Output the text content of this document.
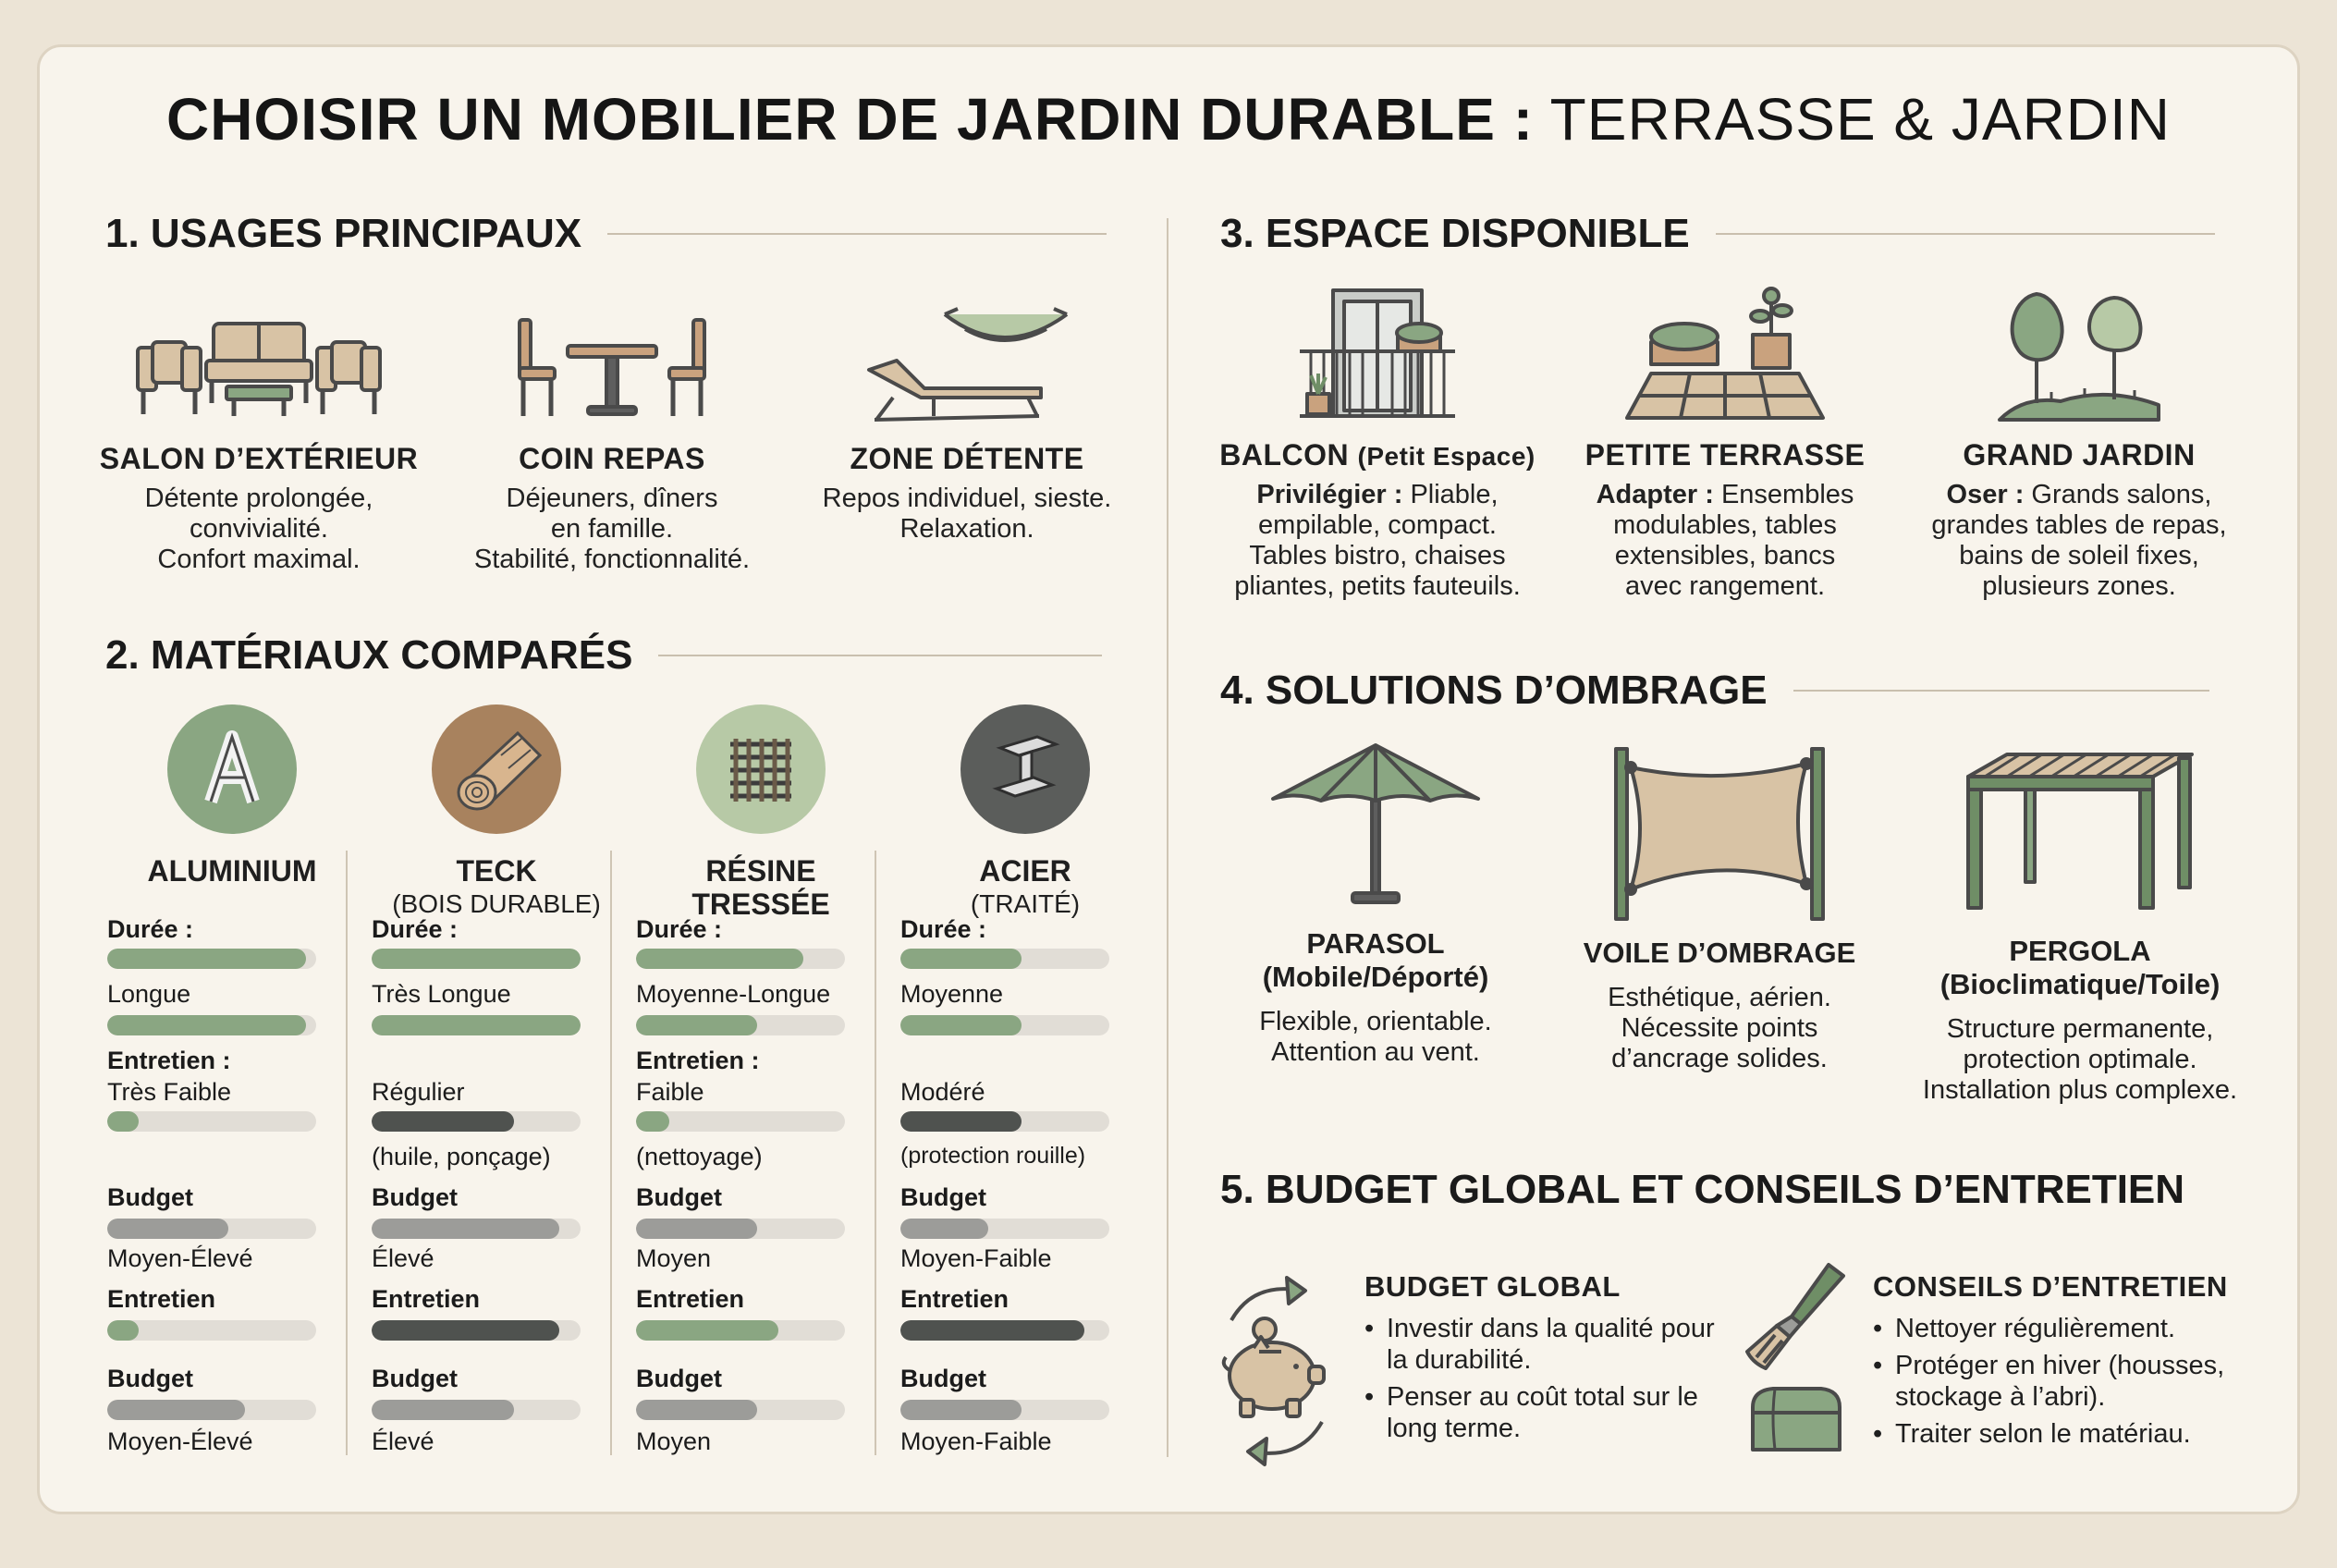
CHOISIR UN MOBILIER DE JARDIN DURABLE : TERRASSE & JARDIN
1. USAGES PRINCIPAUX
SALON D’EXTÉRIEUR
Détente prolongée,
convivialité.
Confort maximal.
COIN REPAS
Déjeuners, dîners
en famille.
Stabilité, fonctionnalité.
ZONE DÉTENTE
Repos individuel, sieste.
Relaxation.
2. MATÉRIAUX COMPARÉS
ALUMINIUM
Durée :
Longue
Entretien :
Très Faible
Budget
Moyen-Élevé
Entretien
Budget
Moyen-Élevé
TECK
(BOIS DURABLE)
Durée :
Très Longue
Régulier
(huile, ponçage)
Budget
Élevé
Entretien
Budget
Élevé
RÉSINE
TRESSÉE
Durée :
Moyenne-Longue
Entretien :
Faible
(nettoyage)
Budget
Moyen
Entretien
Budget
Moyen
ACIER
(TRAITÉ)
Durée :
Moyenne
Modéré
(protection rouille)
Budget
Moyen-Faible
Entretien
Budget
Moyen-Faible
3. ESPACE DISPONIBLE
BALCON (Petit Espace)
Privilégier : Pliable,
empilable, compact.
Tables bistro, chaises
pliantes, petits fauteuils.
PETITE TERRASSE
Adapter : Ensembles
modulables, tables
extensibles, bancs
avec rangement.
GRAND JARDIN
Oser : Grands salons,
grandes tables de repas,
bains de soleil fixes,
plusieurs zones.
4. SOLUTIONS D’OMBRAGE
PARASOL
(Mobile/Déporté)
Flexible, orientable.
Attention au vent.
VOILE D’OMBRAGE
Esthétique, aérien.
Nécessite points
d’ancrage solides.
PERGOLA
(Bioclimatique/Toile)
Structure permanente,
protection optimale.
Installation plus complexe.
5. BUDGET GLOBAL ET CONSEILS D’ENTRETIEN
BUDGET GLOBAL
• Investir dans la qualité pour la durabilité.
• Penser au coût total sur le long terme.
CONSEILS D’ENTRETIEN
• Nettoyer régulièrement.
• Protéger en hiver (housses, stockage à l’abri).
• Traiter selon le matériau.
